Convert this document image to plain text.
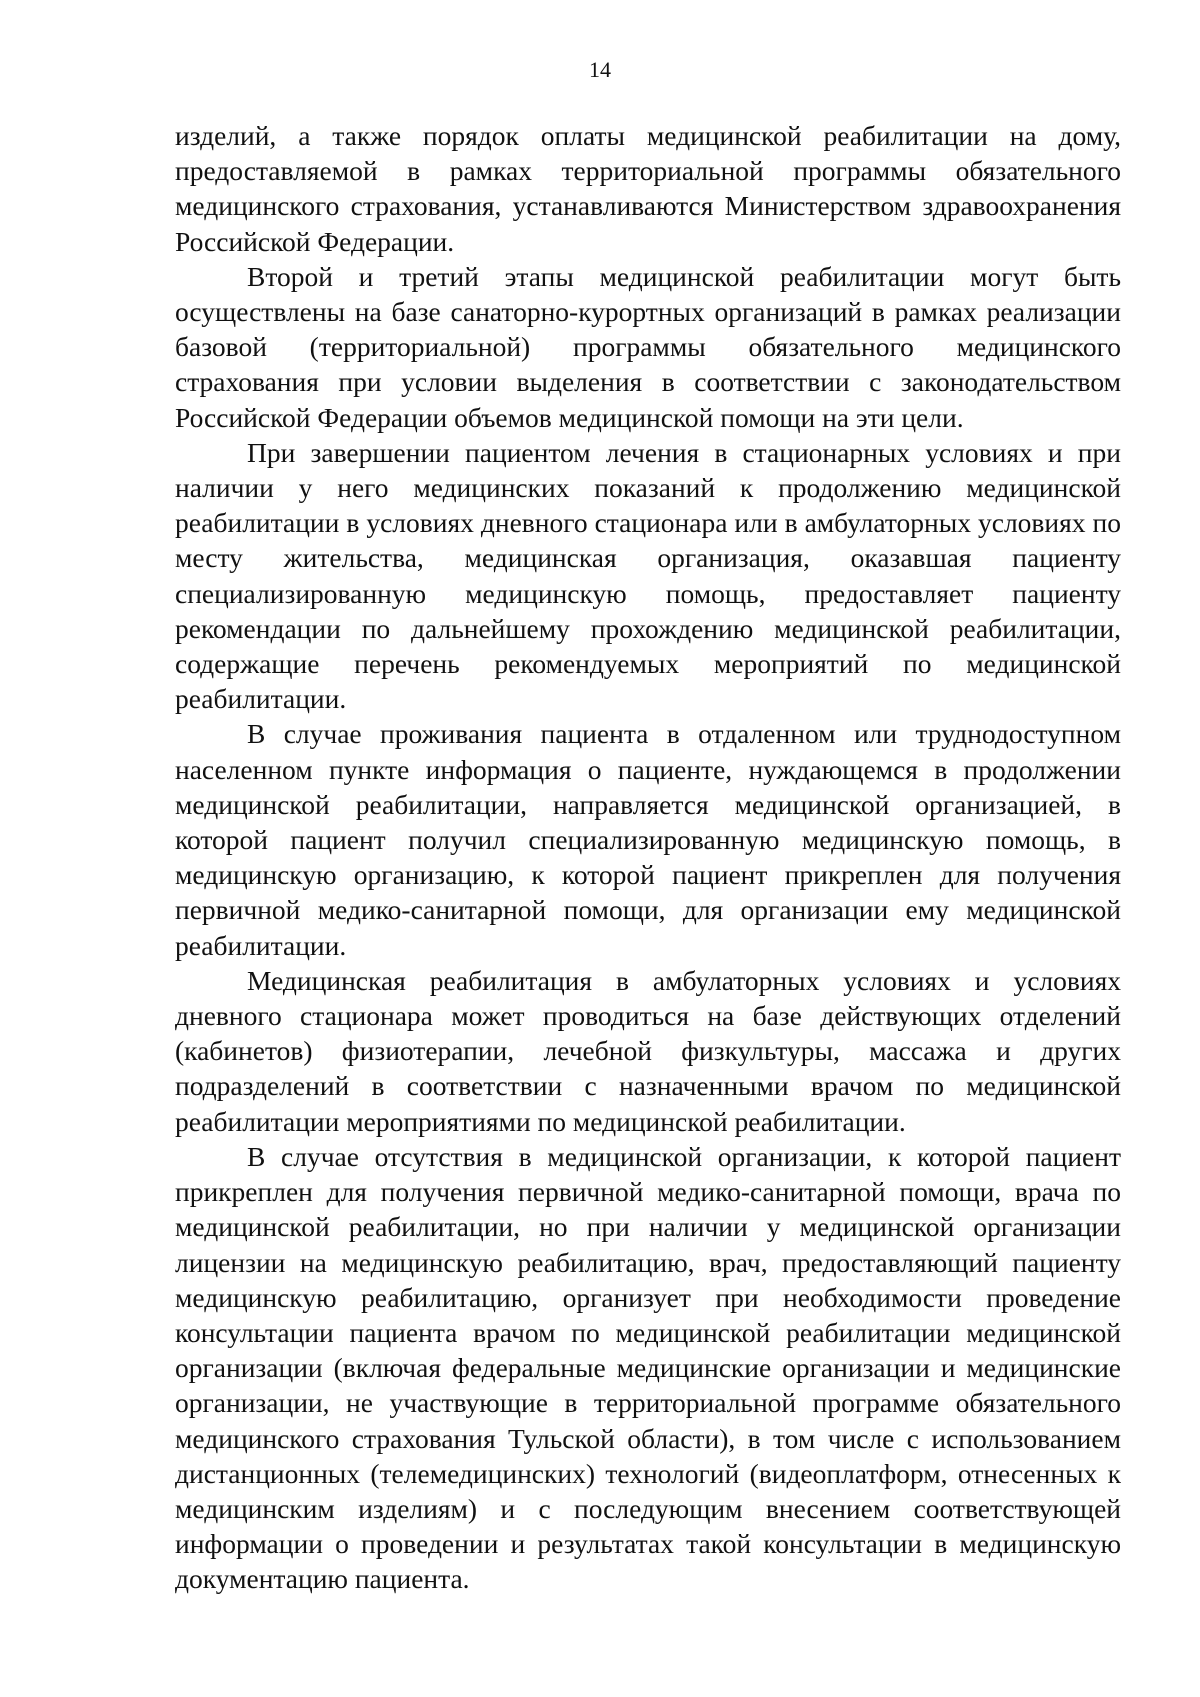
14

изделий, а также порядок оплаты медицинской реабилитации на дому, предоставляемой в рамках территориальной программы обязательного медицинского страхования, устанавливаются Министерством здравоохранения Российской Федерации.

Второй и третий этапы медицинской реабилитации могут быть осуществлены на базе санаторно-курортных организаций в рамках реализации базовой (территориальной) программы обязательного медицинского страхования при условии выделения в соответствии с законодательством Российской Федерации объемов медицинской помощи на эти цели.

При завершении пациентом лечения в стационарных условиях и при наличии у него медицинских показаний к продолжению медицинской реабилитации в условиях дневного стационара или в амбулаторных условиях по месту жительства, медицинская организация, оказавшая пациенту специализированную медицинскую помощь, предоставляет пациенту рекомендации по дальнейшему прохождению медицинской реабилитации, содержащие перечень рекомендуемых мероприятий по медицинской реабилитации.

В случае проживания пациента в отдаленном или труднодоступном населенном пункте информация о пациенте, нуждающемся в продолжении медицинской реабилитации, направляется медицинской организацией, в которой пациент получил специализированную медицинскую помощь, в медицинскую организацию, к которой пациент прикреплен для получения первичной медико-санитарной помощи, для организации ему медицинской реабилитации.

Медицинская реабилитация в амбулаторных условиях и условиях дневного стационара может проводиться на базе действующих отделений (кабинетов) физиотерапии, лечебной физкультуры, массажа и других подразделений в соответствии с назначенными врачом по медицинской реабилитации мероприятиями по медицинской реабилитации.

В случае отсутствия в медицинской организации, к которой пациент прикреплен для получения первичной медико-санитарной помощи, врача по медицинской реабилитации, но при наличии у медицинской организации лицензии на медицинскую реабилитацию, врач, предоставляющий пациенту медицинскую реабилитацию, организует при необходимости проведение консультации пациента врачом по медицинской реабилитации медицинской организации (включая федеральные медицинские организации и медицинские организации, не участвующие в территориальной программе обязательного медицинского страхования Тульской области), в том числе с использованием дистанционных (телемедицинских) технологий (видеоплатформ, отнесенных к медицинским изделиям) и с последующим внесением соответствующей информации о проведении и результатах такой консультации в медицинскую документацию пациента.
